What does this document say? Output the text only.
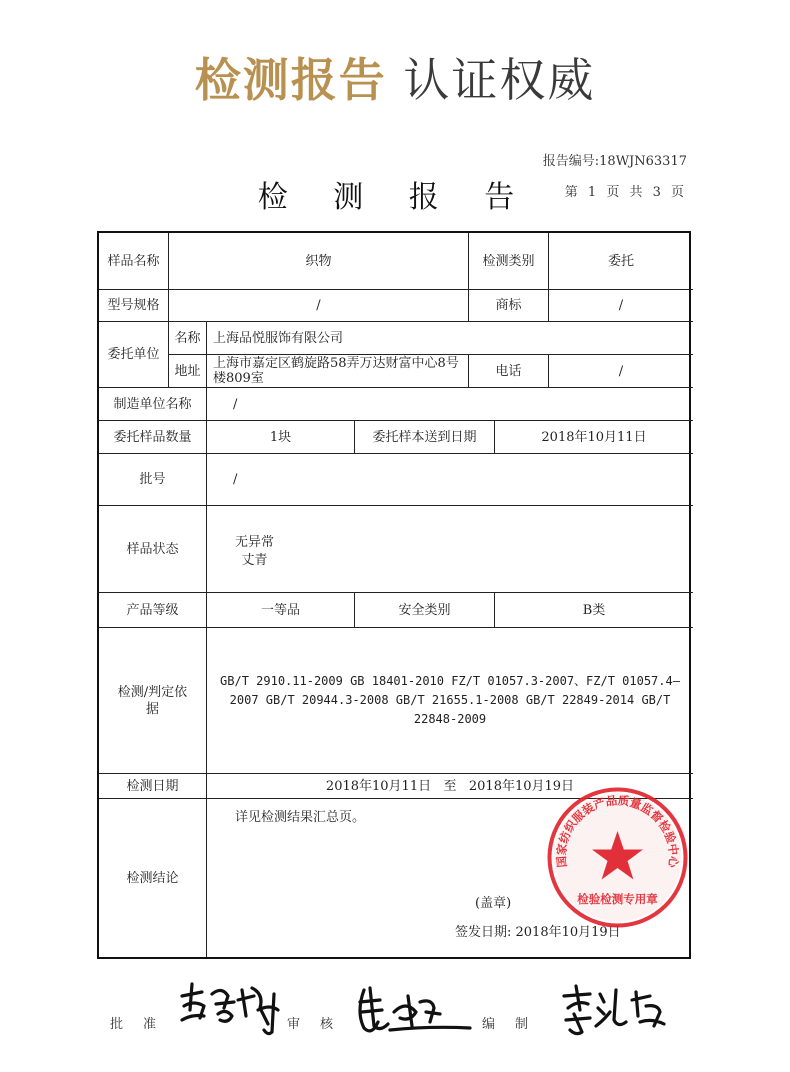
检测报告 认证权威
报告编号:18WJN63317
检 测 报 告	第 1 页 共 3 页
样品名称	织物	检测类别	委托
型号规格	/	商标	/
委托单位
名称 上海品悦服饰有限公司
地址 上海市嘉定区鹤旋路58弄万达财富中心8号楼809室	电话	/
制造单位名称	/
委托样品数量	1块	委托样本送到日期	2018年10月11日
批号	/
样品状态	无异常
丈青
产品等级	一等品	安全类别	B类
检测/判定依据
GB/T 2910.11-2009 GB 18401-2010 FZ/T 01057.3-2007、FZ/T 01057.4—2007 GB/T 20944.3-2008 GB/T 21655.1-2008 GB/T 22849-2014 GB/T 22848-2009
检测日期	2018年10月11日   至   2018年10月19日
检测结论
详见检测结果汇总页。
(盖章)
签发日期: 2018年10月19日
国家纺织服装产品质量监督检验中心
检验检测专用章
批准	审核	编制
